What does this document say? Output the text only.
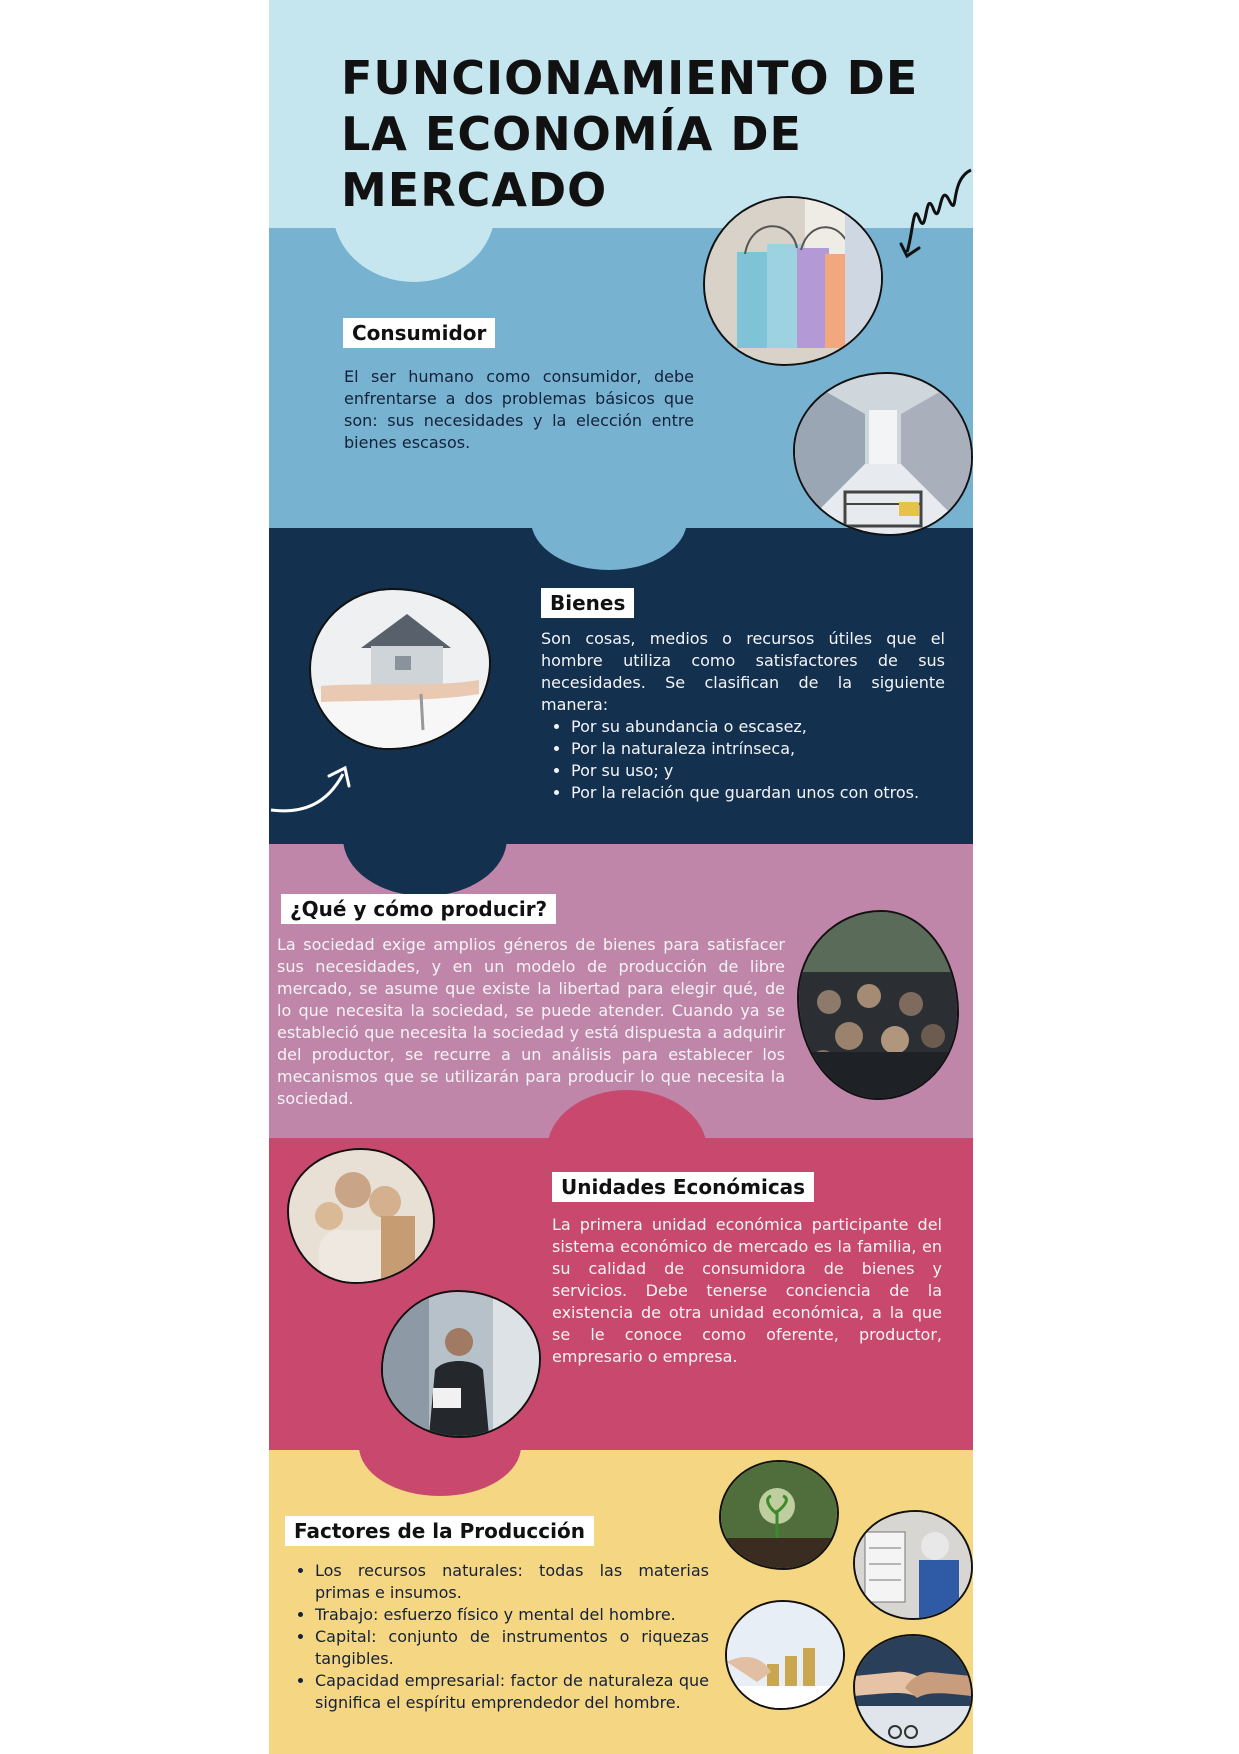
FUNCIONAMIENTO DE LA ECONOMÍA DE MERCADO
Consumidor

El ser humano como consumidor, debe enfrentarse a dos problemas básicos que son: sus necesidades y la elección entre bienes escasos.

Bienes

Son cosas, medios o recursos útiles que el hombre utiliza como satisfactores de sus necesidades. Se clasifican de la siguiente manera:

• Por su abundancia o escasez,
• Por la naturaleza intrínseca,
• Por su uso; y
• Por la relación que guardan unos con otros.
¿Qué y cómo producir?

La sociedad exige amplios géneros de bienes para satisfacer sus necesidades, y en un modelo de producción de libre mercado, se asume que existe la libertad para elegir qué, de lo que necesita la sociedad, se puede atender. Cuando ya se estableció que necesita la sociedad y está dispuesta a adquirir del productor, se recurre a un análisis para establecer los mecanismos que se utilizarán para producir lo que necesita la sociedad.

Unidades Económicas

La primera unidad económica participante del sistema económico de mercado es la familia, en su calidad de consumidora de bienes y servicios. Debe tenerse conciencia de la existencia de otra unidad económica, a la que se le conoce como oferente, productor, empresario o empresa.

Factores de la Producción
• Los recursos naturales: todas las materias primas e insumos.
• Trabajo: esfuerzo físico y mental del hombre.
• Capital: conjunto de instrumentos o riquezas tangibles.
• Capacidad empresarial: factor de naturaleza que significa el espíritu emprendedor del hombre.
